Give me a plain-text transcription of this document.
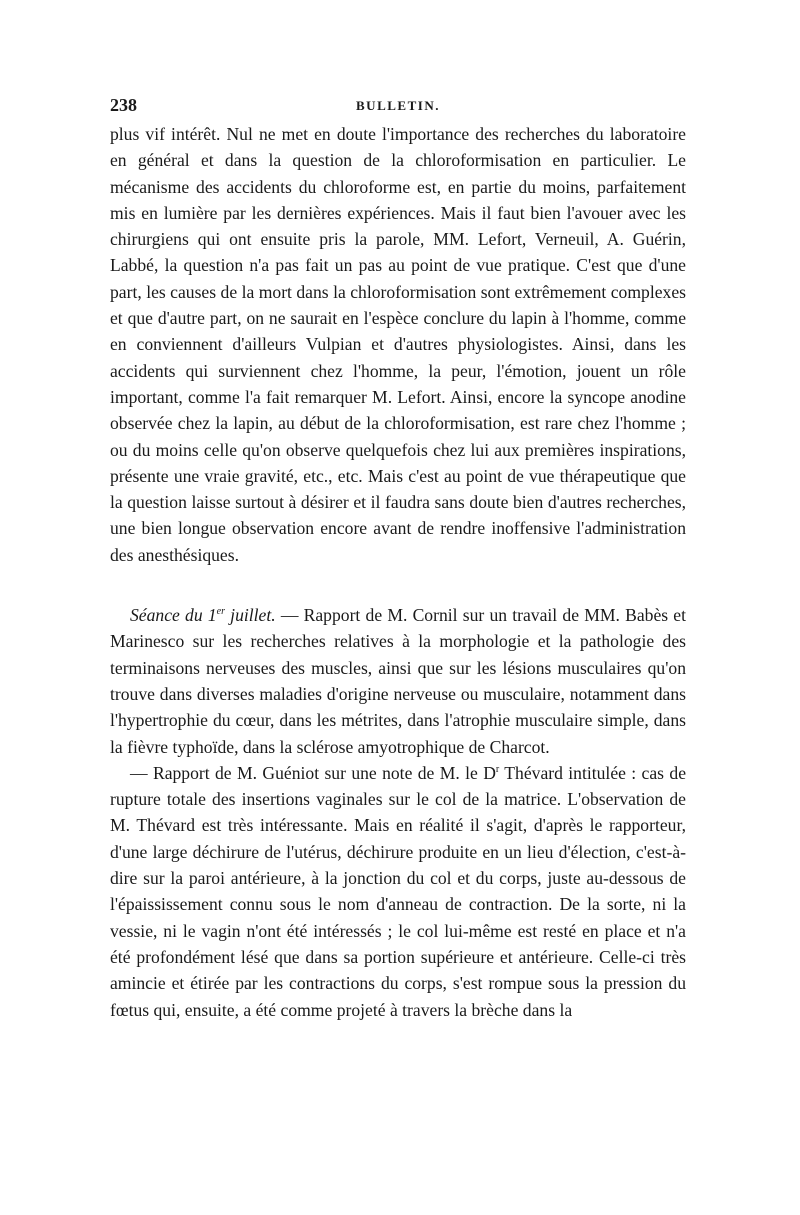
238	BULLETIN.

plus vif intérêt. Nul ne met en doute l'importance des recherches du laboratoire en général et dans la question de la chloroformisation en particulier. Le mécanisme des accidents du chloroforme est, en partie du moins, parfaitement mis en lumière par les dernières expériences. Mais il faut bien l'avouer avec les chirurgiens qui ont ensuite pris la parole, MM. Lefort, Verneuil, A. Guérin, Labbé, la question n'a pas fait un pas au point de vue pratique. C'est que d'une part, les causes de la mort dans la chloroformisation sont extrêmement complexes et que d'autre part, on ne saurait en l'espèce conclure du lapin à l'homme, comme en conviennent d'ailleurs Vulpian et d'autres physiologistes. Ainsi, dans les accidents qui surviennent chez l'homme, la peur, l'émotion, jouent un rôle important, comme l'a fait remarquer M. Lefort. Ainsi, encore la syncope anodine observée chez la lapin, au début de la chloroformisation, est rare chez l'homme ; ou du moins celle qu'on observe quelquefois chez lui aux premières inspirations, présente une vraie gravité, etc., etc. Mais c'est au point de vue thérapeutique que la question laisse surtout à désirer et il faudra sans doute bien d'autres recherches, une bien longue observation encore avant de rendre inoffensive l'administration des anesthésiques.

Séance du 1er juillet. — Rapport de M. Cornil sur un travail de MM. Babès et Marinesco sur les recherches relatives à la morphologie et la pathologie des terminaisons nerveuses des muscles, ainsi que sur les lésions musculaires qu'on trouve dans diverses maladies d'origine nerveuse ou musculaire, notamment dans l'hypertrophie du cœur, dans les métrites, dans l'atrophie musculaire simple, dans la fièvre typhoïde, dans la sclérose amyotrophique de Charcot.

— Rapport de M. Guéniot sur une note de M. le $D^r$ Thévard intitulée : cas de rupture totale des insertions vaginales sur le col de la matrice. L'observation de M. Thévard est très intéressante. Mais en réalité il s'agit, d'après le rapporteur, d'une large déchirure de l'utérus, déchirure produite en un lieu d'élection, c'est-à-dire sur la paroi antérieure, à la jonction du col et du corps, juste au-dessous de l'épaississement connu sous le nom d'anneau de contraction. De la sorte, ni la vessie, ni le vagin n'ont été intéressés ; le col lui-même est resté en place et n'a été profondément lésé que dans sa portion supérieure et antérieure. Celle-ci très amincie et étirée par les contractions du corps, s'est rompue sous la pression du fœtus qui, ensuite, a été comme projeté à travers la brèche dans la
